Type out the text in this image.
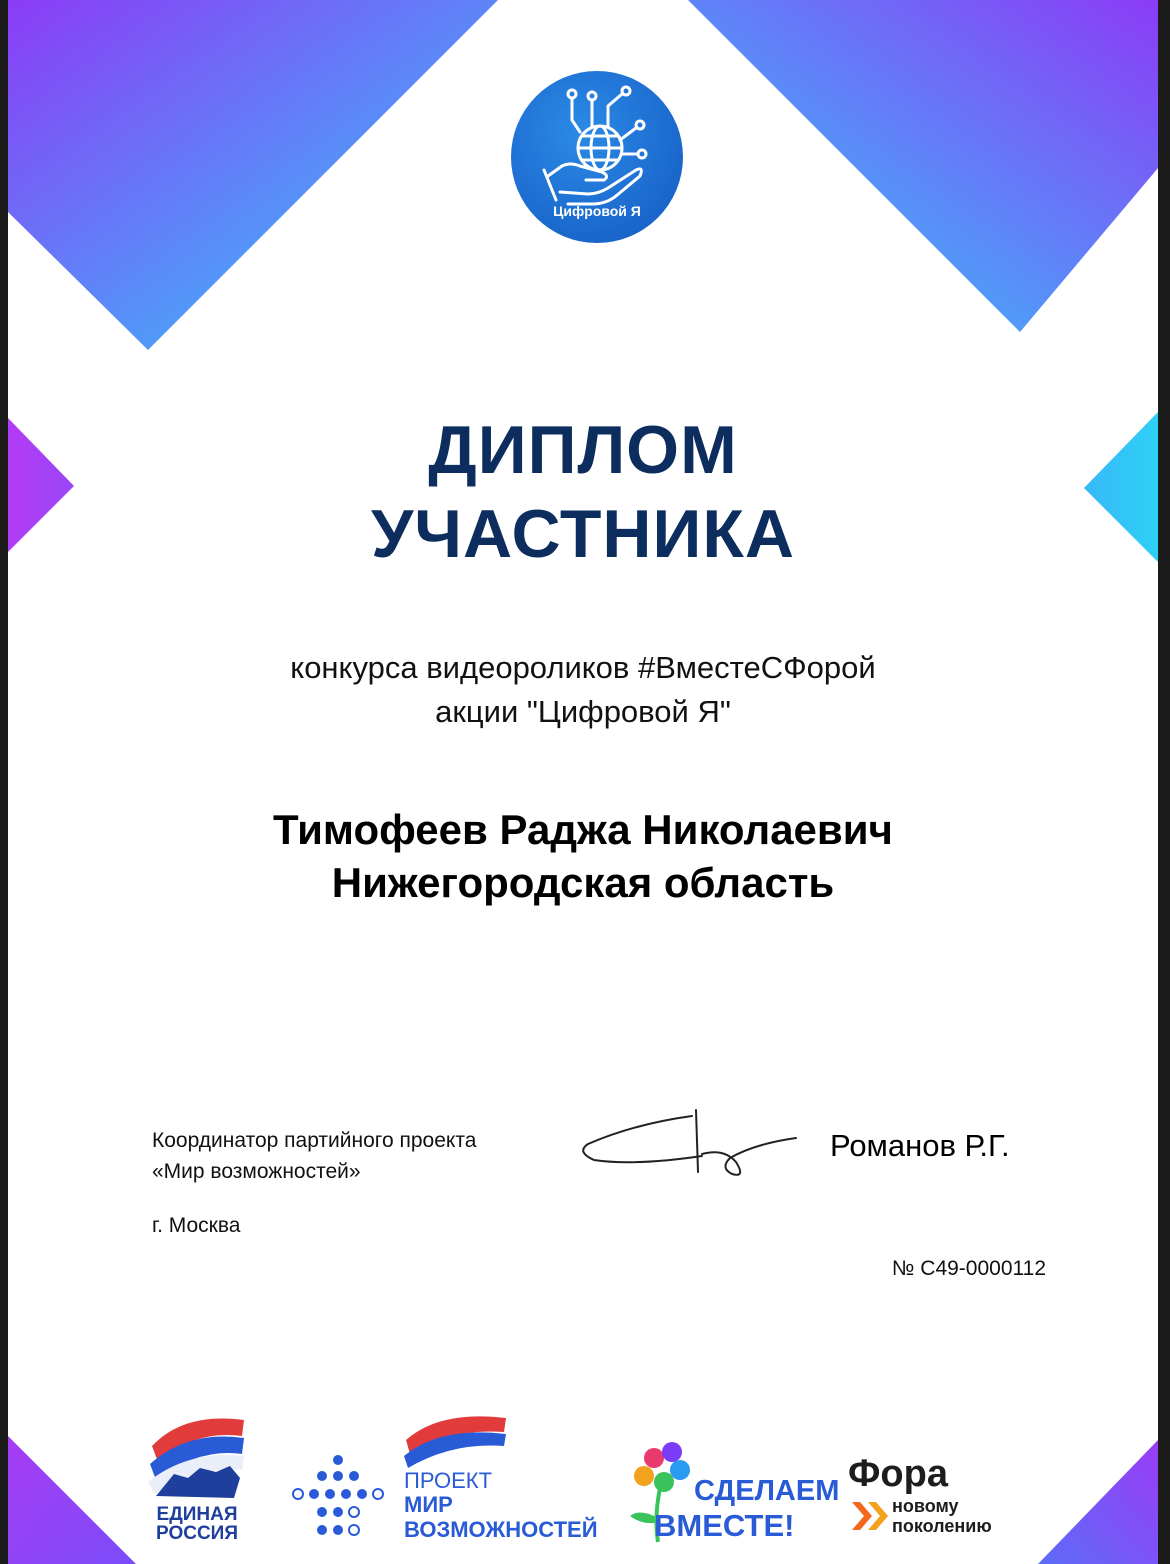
Цифровой Я
ДИПЛОМ
УЧАСТНИКА
конкурса видеороликов #ВместеСФорой
акции "Цифровой Я"
Тимофеев Раджа Николаевич
Нижегородская область
Координатор партийного проекта
«Мир возможностей»
г. Москва
Романов Р.Г.
№ С49-0000112
ЕДИНАЯ
РОССИЯ
ПРОЕКТ
МИР
ВОЗМОЖНОСТЕЙ
СДЕЛАЕМ
ВМЕСТЕ!
Фора
новому
поколению
